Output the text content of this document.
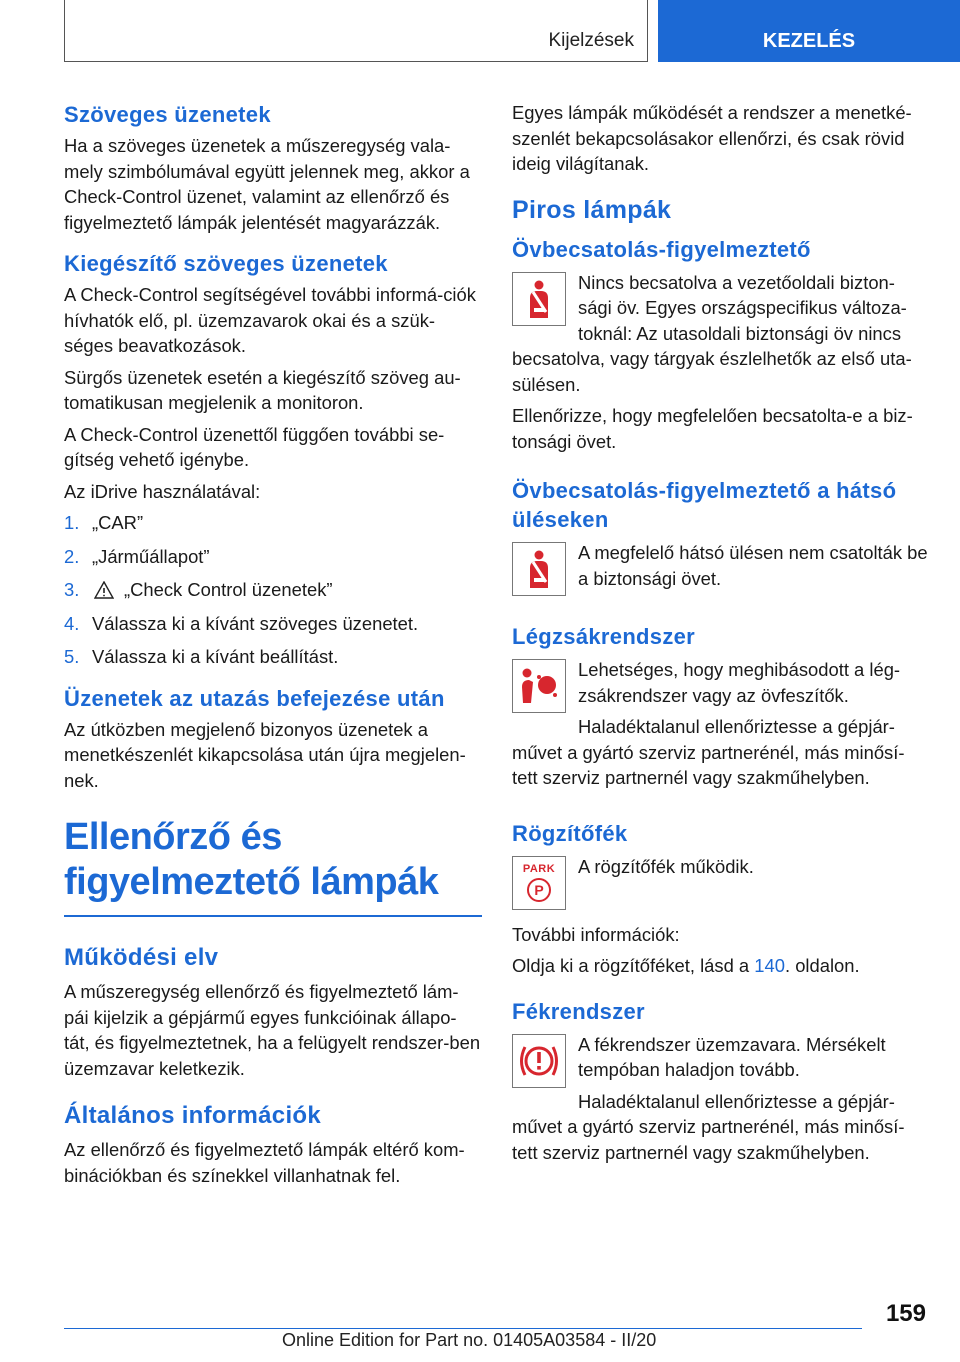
Kijelzések	KEZELÉS
Szöveges üzenetek

Ha a szöveges üzenetek a műszeregység vala-mely szimbólumával együtt jelennek meg, akkor a Check-Control üzenet, valamint az ellenőrző és figyelmeztető lámpák jelentését magyarázzák.

Kiegészítő szöveges üzenetek

A Check-Control segítségével további informá-ciók hívhatók elő, pl. üzemzavarok okai és a szük-séges beavatkozások.

Sürgős üzenetek esetén a kiegészítő szöveg au-tomatikusan megjelenik a monitoron.

A Check-Control üzenettől függően további se-gítség vehető igénybe.

Az iDrive használatával:

1. „CAR”
2. „Járműállapot”
3.	„Check Control üzenetek”
4. Válassza ki a kívánt szöveges üzenetet.
5. Válassza ki a kívánt beállítást.
Üzenetek az utazás befejezése után

Az útközben megjelenő bizonyos üzenetek a menetkészenlét kikapcsolása után újra megjelen-nek.

Ellenőrző és figyelmeztető lámpák
Működési elv

A műszeregység ellenőrző és figyelmeztető lám-pái kijelzik a gépjármű egyes funkcióinak állapo-tát, és figyelmeztetnek, ha a felügyelt rendszer-ben üzemzavar keletkezik.

Általános információk

Az ellenőrző és figyelmeztető lámpák eltérő kom-binációkban és színekkel villanhatnak fel.

Egyes lámpák működését a rendszer a menetké-szenlét bekapcsolásakor ellenőrzi, és csak rövid ideig világítanak.

Piros lámpák
Övbecsatolás-figyelmeztető

Nincs becsatolva a vezetőoldali bizton-sági öv. Egyes országspecifikus változa-toknál: Az utasoldali biztonsági öv nincs becsatolva, vagy tárgyak észlelhetők az első uta-sülésen.

Ellenőrizze, hogy megfelelően becsatolta-e a biz-tonsági övet.

Övbecsatolás-figyelmeztető a hátsó üléseken

A megfelelő hátsó ülésen nem csatolták be a biztonsági övet.

Légzsákrendszer

Lehetséges, hogy meghibásodott a lég-zsákrendszer vagy az övfeszítők.

Haladéktalanul ellenőriztesse a gépjár-művet a gyártó szerviz partnerénél, más minősí-tett szerviz partnernél vagy szakműhelyben.

Rögzítőfék
PARK
P

A rögzítőfék működik.

További információk:

Oldja ki a rögzítőféket, lásd a 140. oldalon.

Fékrendszer

A fékrendszer üzemzavara. Mérsékelt tempóban haladjon tovább.

Haladéktalanul ellenőriztesse a gépjár-művet a gyártó szerviz partnerénél, más minősí-tett szerviz partnernél vagy szakműhelyben.

159
Online Edition for Part no. 01405A03584 - II/20
